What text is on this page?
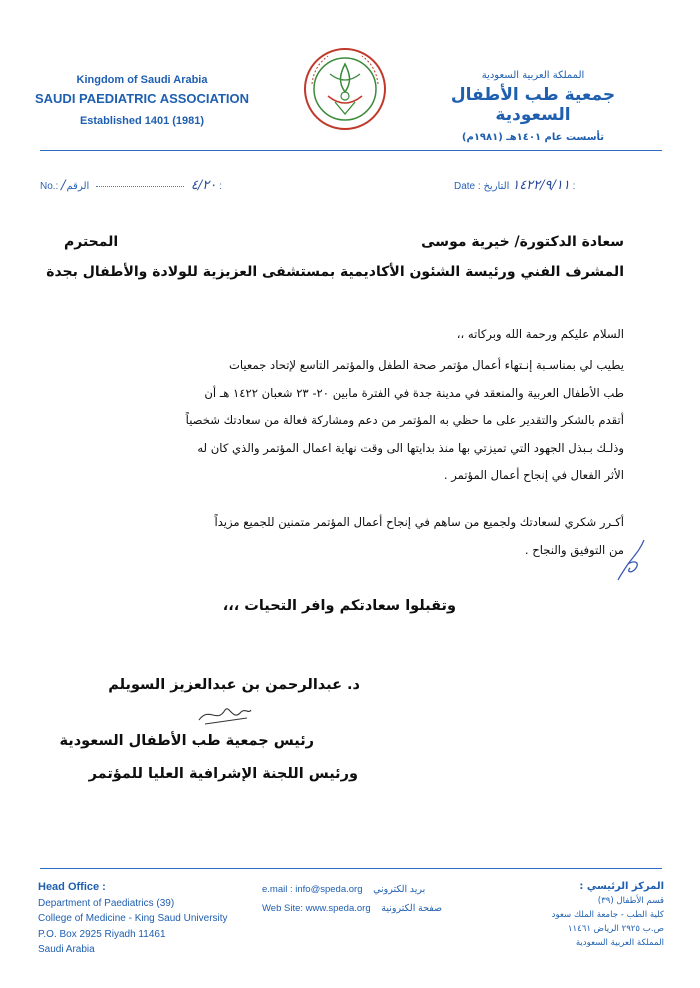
Kingdom of Saudi Arabia
SAUDI PAEDIATRIC ASSOCIATION
Established 1401 (1981)
المملكة العربية السعودية
جمعية طب الأطفال السعودية
تأسست عام ١٤٠١هـ (١٩٨١م)
No.: /٤/٢٠  الرقم :	Date : ١٤٢٢/٩/١١ التاريخ :
سعادة الدكتورة/ خيرية موسى
المحترم
المشرف الفني ورئيسة الشئون الأكاديمية بمستشفى العزيزية للولادة والأطفال بجدة
السلام عليكم ورحمة الله وبركاته ،،
يطيب لي بمناسـبة إنـتهاء أعمال مؤتمر صحة الطفل والمؤتمر التاسع لإتحاد جمعيات
طب الأطفال العربية والمنعقد في مدينة جدة في الفترة مابين ٢٠- ٢٣ شعبان ١٤٢٢ هـ أن
أتقدم بالشكر والتقدير على ما حظي به المؤتمر من دعم ومشاركة فعالة من سعادتك شخصياً
وذلـك بـبذل الجهود التي تميزتي بها منذ بدايتها الى وقت نهاية اعمال المؤتمر والذي كان له
الأثر الفعال في إنجاح أعمال المؤتمر .
أكـرر شكري لسعادتك ولجميع من ساهم في إنجاح أعمال المؤتمر متمنين للجميع مزيداً
من التوفيق والنجاح .
وتقبلوا سعادتكم وافر التحيات ،،،
د. عبدالرحمن بن عبدالعزيز السويلم
رئيس جمعية طب الأطفال السعودية
ورئيس اللجنة الإشرافية العليا للمؤتمر
Head Office :
Department of Paediatrics (39)
College of Medicine - King Saud University
P.O. Box 2925 Riyadh 11461
Saudi Arabia
e.mail : info@speda.org بريد الكتروني
Web Site: www.speda.org صفحة الكترونية
المركز الرئيسي :
قسم الأطفال (٣٩)
كلية الطب - جامعة الملك سعود
ص.ب ٢٩٢٥ الرياض ١١٤٦١
المملكة العربية السعودية
